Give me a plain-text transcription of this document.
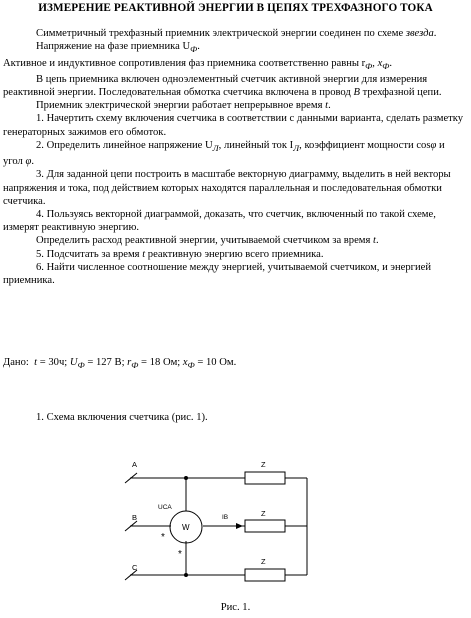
ИЗМЕРЕНИЕ РЕАКТИВНОЙ ЭНЕРГИИ В ЦЕПЯХ ТРЕХФАЗНОГО ТОКА

Симметричный трехфазный приемник электрической энергии соединен по схеме звезда.

Напряжение на фазе приемника $U_Ф$.

Активное и индуктивное сопротивления фаз приемника соответственно равны $r_Ф$, $x_Ф$.

В цепь приемника включен одноэлементный счетчик активной энергии для измерения реактивной энергии. Последовательная обмотка счетчика включена в провод B трехфазной цепи.

Приемник электрической энергии работает непрерывное время t.

1. Начертить схему включения счетчика в соответствии с данными варианта, сделать разметку генераторных зажимов его обмоток.

2. Определить линейное напряжение $U_Л$, линейный ток $I_Л$, коэффициент мощности cosφ и угол φ.

3. Для заданной цепи построить в масштабе векторную диаграмму, выделить в ней векторы напряжения и тока, под действием которых находятся параллельная и последовательная обмотки счетчика.

4. Пользуясь векторной диаграммой, доказать, что счетчик, включенный по такой схеме, измерят реактивную энергию.

Определить расход реактивной энергии, учитываемой счетчиком за время t.

5. Подсчитать за время t реактивную энергию всего приемника.

6. Найти численное соотношение между энергией, учитываемой счетчиком, и энергией приемника.

Дано: t = 30ч; $U_Ф = 127$ В; $r_Ф = 18$ Ом; $x_Ф = 10$ Ом.
1. Схема включения счетчика (рис. 1).
A
B
C
Z
Z
Z
W
UCA
IB
*
*
Рис. 1.
